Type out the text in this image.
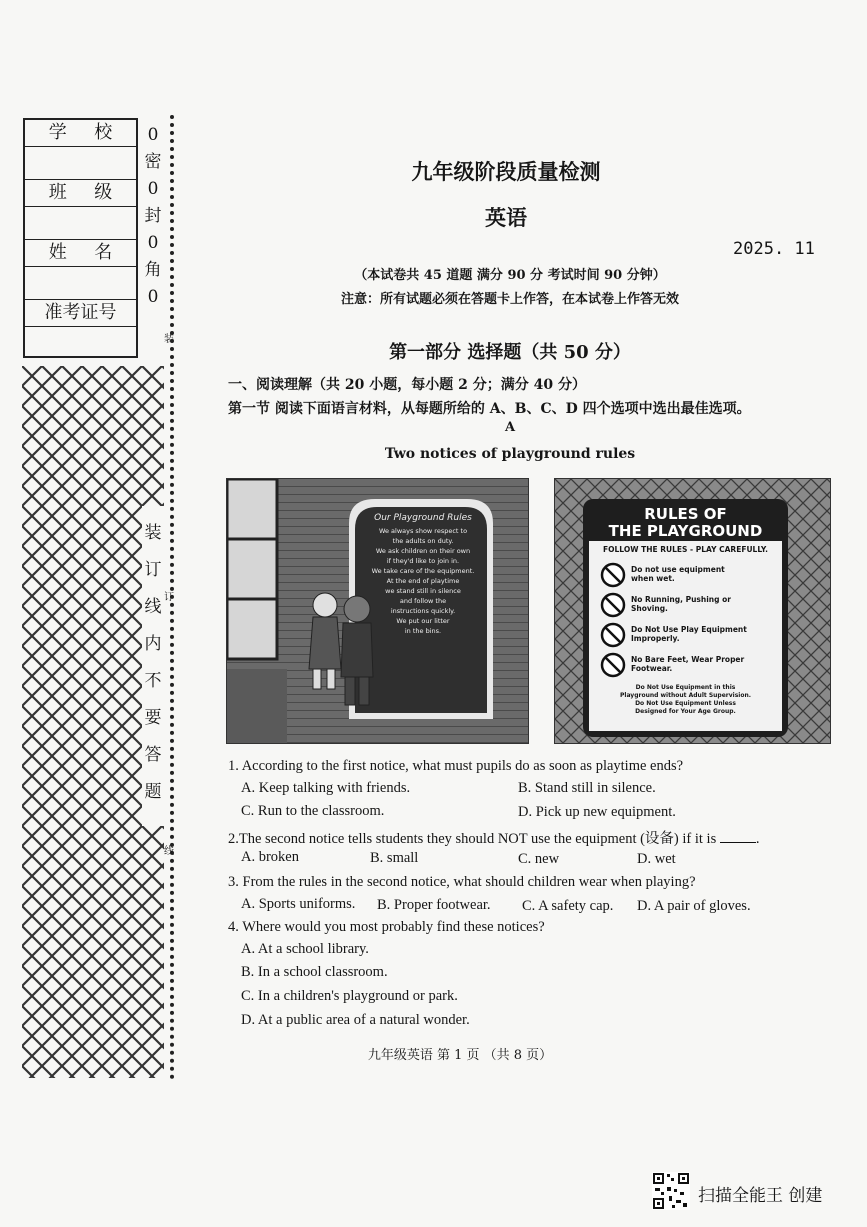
学 校
班 级
姓 名
准考证号
0
密
0
封
0
角
0
装
装
订
线
内
不
要
答
题
订
线
九年级阶段质量检测
英语
2025. 11
（本试卷共 45 道题 满分 90 分 考试时间 90 分钟）
注意：所有试题必须在答题卡上作答，在本试卷上作答无效
第一部分 选择题（共 50 分）
一、阅读理解（共 20 小题，每小题 2 分；满分 40 分）
第一节 阅读下面语言材料，从每题所给的 A、B、C、D 四个选项中选出最佳选项。
A
Two notices of playground rules
Our Playground Rules
We always show respect to
the adults on duty.
We ask children on their own
if they'd like to join in.
We take care of the equipment.
At the end of playtime
we stand still in silence
and follow the
instructions quickly.
We put our litter
in the bins.
RULES OF
THE PLAYGROUND
FOLLOW THE RULES - PLAY CAREFULLY.
Do not use equipment
when wet.
No Running, Pushing or
Shoving.
Do Not Use Play Equipment
Improperly.
No Bare Feet, Wear Proper
Footwear.
Do Not Use Equipment in this
Playground without Adult Supervision.
Do Not Use Equipment Unless
Designed for Your Age Group.
1. According to the first notice, what must pupils do as soon as playtime ends?
A. Keep talking with friends.	B. Stand still in silence.
C. Run to the classroom.	D. Pick up new equipment.
2.The second notice tells students they should NOT use the equipment (设备) if it is	.
A. broken	B. small	C. new	D. wet
3. From the rules in the second notice, what should children wear when playing?
A. Sports uniforms. B. Proper footwear. C. A safety cap. D. A pair of gloves.
4. Where would you most probably find these notices?
A. At a school library.
B. In a school classroom.
C. In a children's playground or park.
D. At a public area of a natural wonder.
九年级英语 第 1 页 （共 8 页）
扫描全能王 创建
